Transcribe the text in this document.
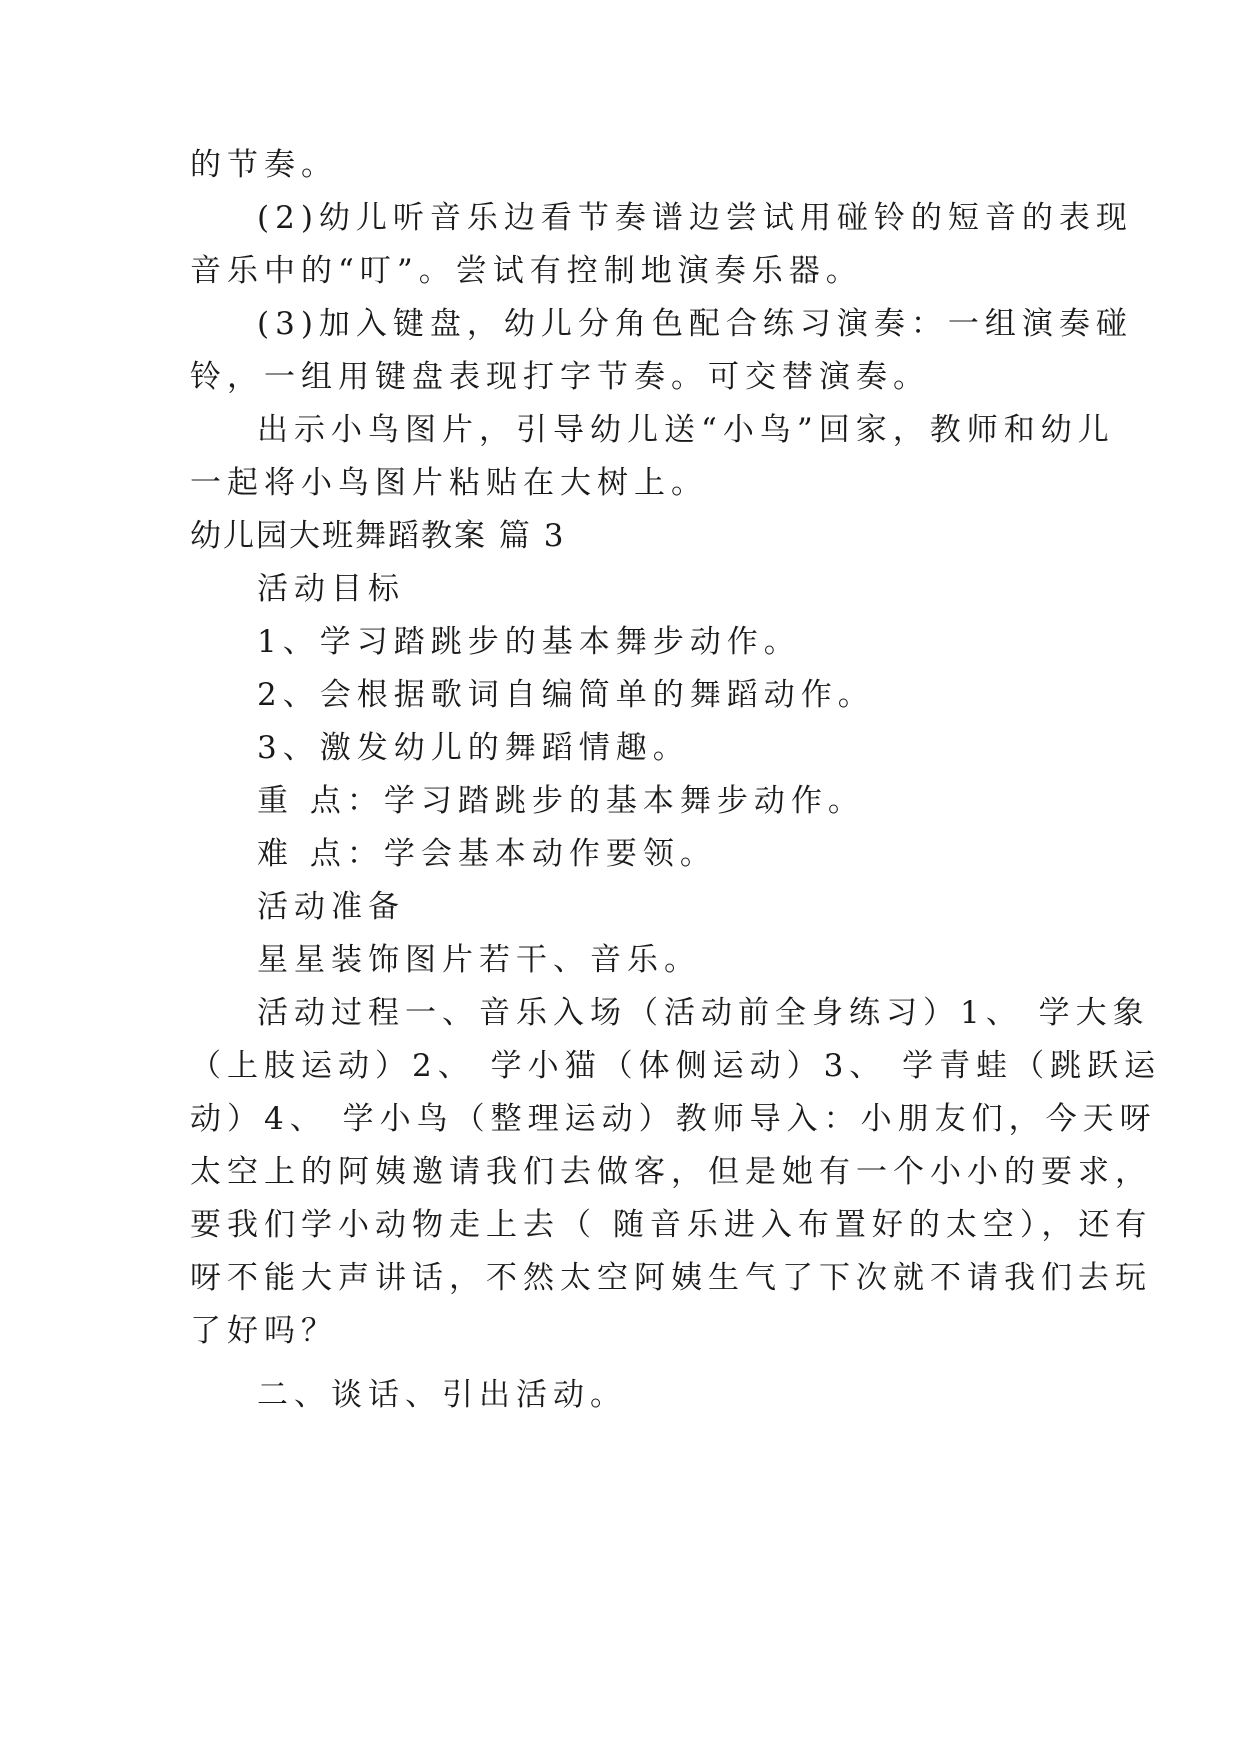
的节奏。
(2)幼儿听音乐边看节奏谱边尝试用碰铃的短音的表现
音乐中的“叮”。尝试有控制地演奏乐器。
(3)加入键盘，幼儿分角色配合练习演奏：一组演奏碰
铃，一组用键盘表现打字节奏。可交替演奏。
出示小鸟图片，引导幼儿送“小鸟”回家，教师和幼儿
一起将小鸟图片粘贴在大树上。
幼儿园大班舞蹈教案 篇 3
活动目标
1、学习踏跳步的基本舞步动作。
2、会根据歌词自编简单的舞蹈动作。
3、激发幼儿的舞蹈情趣。
重 点：学习踏跳步的基本舞步动作。
难 点：学会基本动作要领。
活动准备
星星装饰图片若干、音乐。
活动过程一、音乐入场（活动前全身练习）1、 学大象
（上肢运动）2、 学小猫（体侧运动）3、 学青蛙（跳跃运
动）4、 学小鸟（整理运动）教师导入：小朋友们，今天呀
太空上的阿姨邀请我们去做客，但是她有一个小小的要求，
要我们学小动物走上去（ 随音乐进入布置好的太空），还有
呀不能大声讲话，不然太空阿姨生气了下次就不请我们去玩
了好吗？
二、谈话、引出活动。
